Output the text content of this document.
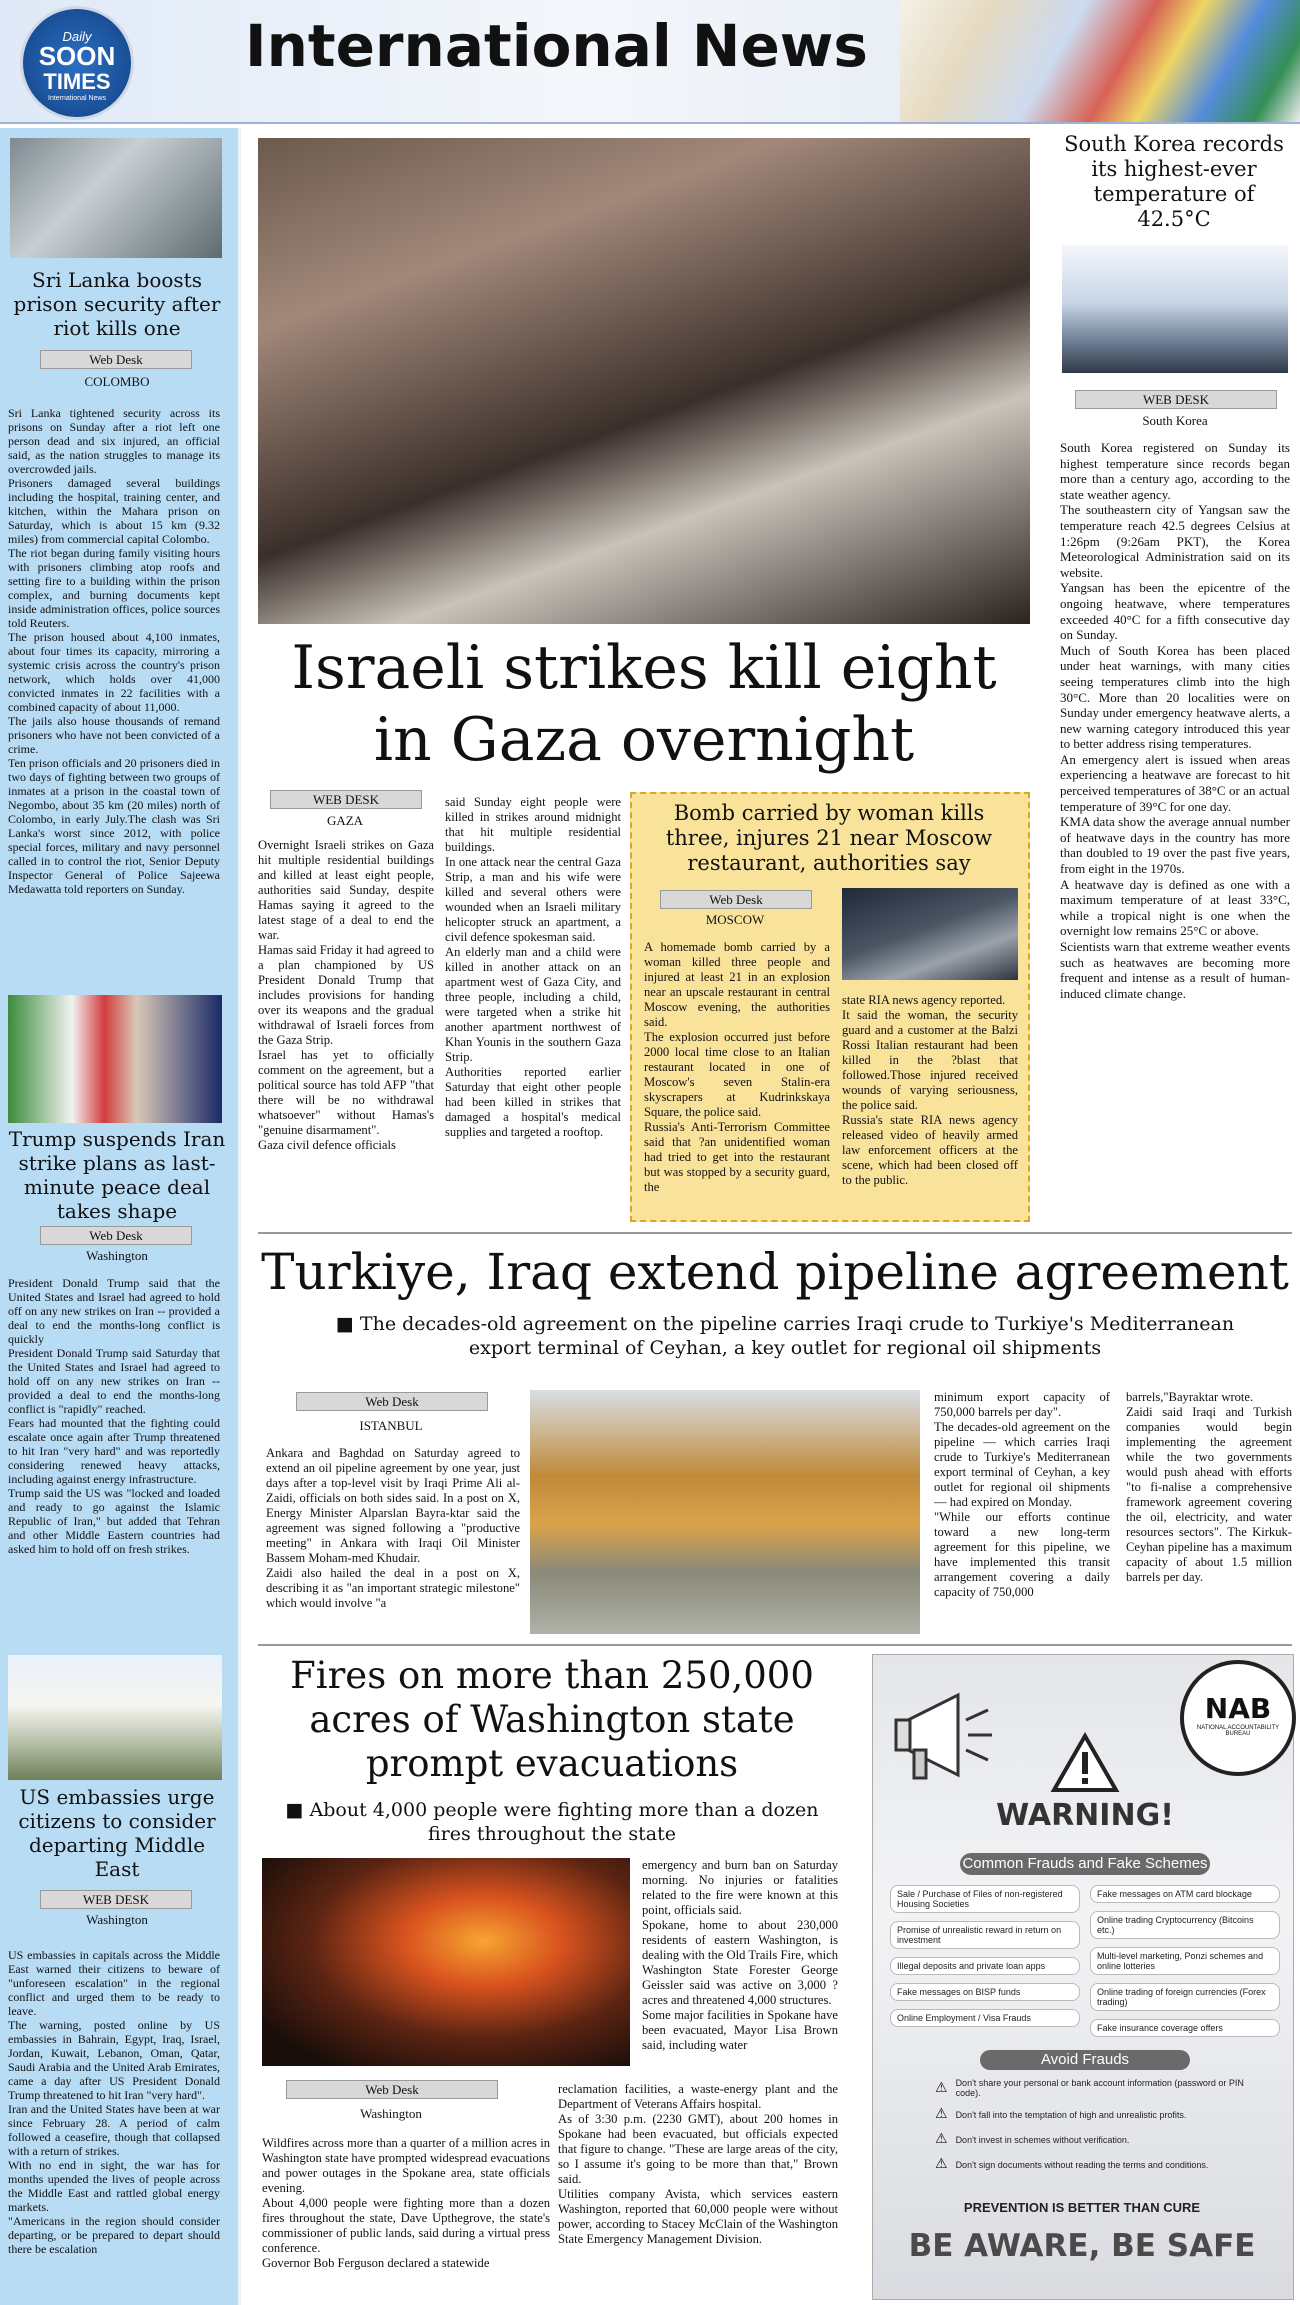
Daily
SOON
TIMES
International News
International News
Sri Lanka boosts prison security after riot kills one
Web Desk
COLOMBO
Sri Lanka tightened security across its prisons on Sunday after a riot left one person dead and six injured, an official said, as the nation struggles to manage its overcrowded jails.
Prisoners damaged several buildings including the hospital, training center, and kitchen, within the Mahara prison on Saturday, which is about 15 km (9.32 miles) from commercial capital Colombo.
The riot began during family visiting hours with prisoners climbing atop roofs and setting fire to a building within the prison complex, and burning documents kept inside administration offices, police sources told Reuters.
The prison housed about 4,100 inmates, about four times its capacity, mirroring a systemic crisis across the country's prison network, which holds over 41,000 convicted inmates in 22 facilities with a combined capacity of about 11,000.
The jails also house thousands of remand prisoners who have not been convicted of a crime.
Ten prison officials and 20 prisoners died in two days of fighting between two groups of inmates at a prison in the coastal town of Negombo, about 35 km (20 miles) north of Colombo, in early July.The clash was Sri Lanka's worst since 2012, with police special forces, military and navy personnel called in to control the riot, Senior Deputy Inspector General of Police Sajeewa Medawatta told reporters on Sunday.
Trump suspends Iran strike plans as last-minute peace deal takes shape
Web Desk
Washington
President Donald Trump said that the United States and Israel had agreed to hold off on any new strikes on Iran -- provided a deal to end the months-long conflict is quickly
President Donald Trump said Saturday that the United States and Israel had agreed to hold off on any new strikes on Iran -- provided a deal to end the months-long conflict is "rapidly" reached.
Fears had mounted that the fighting could escalate once again after Trump threatened to hit Iran "very hard" and was reportedly considering renewed heavy attacks, including against energy infrastructure.
Trump said the US was "locked and loaded and ready to go against the Islamic Republic of Iran," but added that Tehran and other Middle Eastern countries had asked him to hold off on fresh strikes.
US embassies urge citizens to consider departing Middle East
WEB DESK
Washington
US embassies in capitals across the Middle East warned their citizens to beware of "unforeseen escalation" in the regional conflict and urged them to be ready to leave.
The warning, posted online by US embassies in Bahrain, Egypt, Iraq, Israel, Jordan, Kuwait, Lebanon, Oman, Qatar, Saudi Arabia and the United Arab Emirates, came a day after US President Donald Trump threatened to hit Iran "very hard".
Iran and the United States have been at war since February 28. A period of calm followed a ceasefire, though that collapsed with a return of strikes.
With no end in sight, the war has for months upended the lives of people across the Middle East and rattled global energy markets.
"Americans in the region should consider departing, or be prepared to depart should there be escalation
Israeli strikes kill eight in Gaza overnight
WEB DESK
GAZA
Overnight Israeli strikes on Gaza hit multiple residential buildings and killed at least eight people, authorities said Sunday, despite Hamas saying it agreed to the latest stage of a deal to end the war.
Hamas said Friday it had agreed to a plan championed by US President Donald Trump that includes provisions for handing over its weapons and the gradual withdrawal of Israeli forces from the Gaza Strip.
Israel has yet to officially comment on the agreement, but a political source has told AFP "that there will be no withdrawal whatsoever" without Hamas's "genuine disarmament".
Gaza civil defence officials
said Sunday eight people were killed in strikes around midnight that hit multiple residential buildings.
In one attack near the central Gaza Strip, a man and his wife were killed and several others were wounded when an Israeli military helicopter struck an apartment, a civil defence spokesman said.
An elderly man and a child were killed in another attack on an apartment west of Gaza City, and three people, including a child, were targeted when a strike hit another apartment northwest of Khan Younis in the southern Gaza Strip.
Authorities reported earlier Saturday that eight other people had been killed in strikes that damaged a hospital's medical supplies and targeted a rooftop.
Bomb carried by woman kills three, injures 21 near Moscow restaurant, authorities say
Web Desk
MOSCOW
A homemade bomb carried by a woman killed three people and injured at least 21 in an explosion near an upscale restaurant in central Moscow evening, the authorities said.
The explosion occurred just before 2000 local time close to an Italian restaurant located in one of Moscow's seven Stalin-era skyscrapers at Kudrinkskaya Square, the police said.
Russia's Anti-Terrorism Committee said that ?an unidentified woman had tried to get into the restaurant but was stopped by a security guard, the
state RIA news agency reported.
It said the woman, the security guard and a customer at the Balzi Rossi Italian restaurant had been killed in the ?blast that followed.Those injured received wounds of varying seriousness, the police said.
Russia's state RIA news agency released video of heavily armed law enforcement officers at the scene, which had been closed off to the public.
South Korea records its highest-ever temperature of 42.5°C
WEB DESK
South Korea
South Korea registered on Sunday its highest temperature since records began more than a century ago, according to the state weather agency.
The southeastern city of Yangsan saw the temperature reach 42.5 degrees Celsius at 1:26pm (9:26am PKT), the Korea Meteorological Administration said on its website.
Yangsan has been the epicentre of the ongoing heatwave, where temperatures exceeded 40°C for a fifth consecutive day on Sunday.
Much of South Korea has been placed under heat warnings, with many cities seeing temperatures climb into the high 30°C. More than 20 localities were on Sunday under emergency heatwave alerts, a new warning category introduced this year to better address rising temperatures.
An emergency alert is issued when areas experiencing a heatwave are forecast to hit perceived temperatures of 38°C or an actual temperature of 39°C for one day.
KMA data show the average annual number of heatwave days in the country has more than doubled to 19 over the past five years, from eight in the 1970s.
A heatwave day is defined as one with a maximum temperature of at least 33°C, while a tropical night is one when the overnight low remains 25°C or above.
Scientists warn that extreme weather events such as heatwaves are becoming more frequent and intense as a result of human-induced climate change.
Turkiye, Iraq extend pipeline agreement
■ The decades-old agreement on the pipeline carries Iraqi crude to Turkiye's Mediterranean export terminal of Ceyhan, a key outlet for regional oil shipments
Web Desk
ISTANBUL
Ankara and Baghdad on Saturday agreed to extend an oil pipeline agreement by one year, just days after a top-level visit by Iraqi Prime Ali al-Zaidi, officials on both sides said. In a post on X, Energy Minister Alparslan Bayra-ktar said the agreement was signed following a "productive meeting" in Ankara with Iraqi Oil Minister Bassem Moham-med Khudair.
Zaidi also hailed the deal in a post on X, describing it as "an important strategic milestone" which would involve "a
minimum export capacity of 750,000 barrels per day".
The decades-old agreement on the pipeline — which carries Iraqi crude to Turkiye's Mediterranean export terminal of Ceyhan, a key outlet for regional oil shipments — had expired on Monday.
"While our efforts continue toward a new long-term agreement for this pipeline, we have implemented this transit arrangement covering a daily capacity of 750,000
barrels,"Bayraktar wrote.
Zaidi said Iraqi and Turkish companies would begin implementing the agreement while the two governments would push ahead with efforts "to fi-nalise a comprehensive framework agreement covering the oil, electricity, and water resources sectors". The Kirkuk-Ceyhan pipeline has a maximum capacity of about 1.5 million barrels per day.
Fires on more than 250,000 acres of Washington state prompt evacuations
■ About 4,000 people were fighting more than a dozen fires throughout the state
Web Desk
Washington
Wildfires across more than a quarter of a million acres in Washington state have prompted widespread evacuations and power outages in the Spokane area, state officials evening.
About 4,000 people were fighting more than a dozen fires throughout the state, Dave Upthegrove, the state's commissioner of public lands, said during a virtual press conference.
Governor Bob Ferguson declared a statewide
emergency and burn ban on Saturday morning. No injuries or fatalities related to the fire were known at this point, officials said.
Spokane, home to about 230,000 residents of eastern Washington, is dealing with the Old Trails Fire, which Washington State Forester George Geissler said was active on 3,000 ?acres and threatened 4,000 structures.
Some major facilities in Spokane have been evacuated, Mayor Lisa Brown said, including water
reclamation facilities, a waste-energy plant and the Department of Veterans Affairs hospital.
As of 3:30 p.m. (2230 GMT), about 200 homes in Spokane had been evacuated, but officials expected that figure to change. "These are large areas of the city, so I assume it's going to be more than that," Brown said.
Utilities company Avista, which services eastern Washington, reported that 60,000 people were without power, according to Stacey McClain of the Washington State Emergency Management Division.
NAB
NATIONAL ACCOUNTABILITY BUREAU
WARNING!
Common Frauds and Fake Schemes
Sale / Purchase of Files of non-registered Housing Societies
Promise of unrealistic reward in return on investment
Illegal deposits and private loan apps
Fake messages on BISP funds
Online Employment / Visa Frauds
Fake messages on ATM card blockage
Online trading Cryptocurrency (Bitcoins etc.)
Multi-level marketing, Ponzi schemes and online lotteries
Online trading of foreign currencies (Forex trading)
Fake insurance coverage offers
Avoid Frauds
⚠ Don't share your personal or bank account information (password or PIN code).
⚠ Don't fall into the temptation of high and unrealistic profits.
⚠ Don't invest in schemes without verification.
⚠ Don't sign documents without reading the terms and conditions.
PREVENTION IS BETTER THAN CURE
BE AWARE, BE SAFE
